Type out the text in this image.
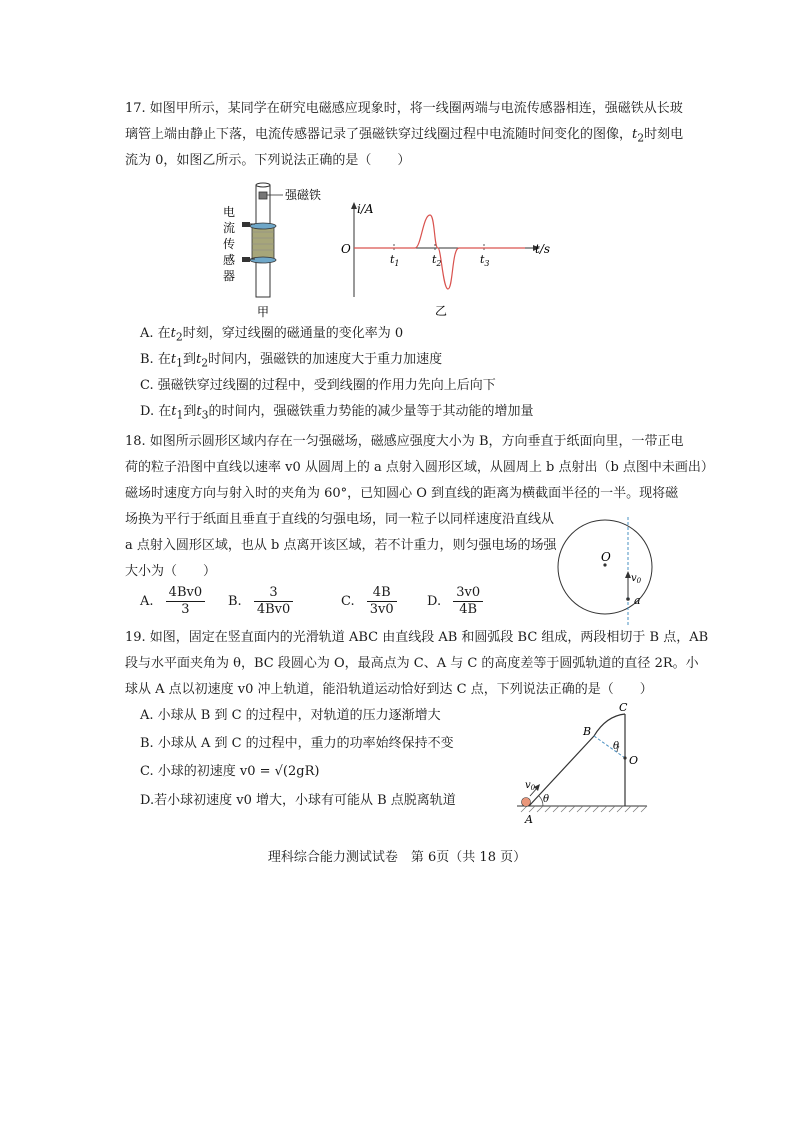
17. 如图甲所示，某同学在研究电磁感应现象时，将一线圈两端与电流传感器相连，强磁铁从长玻
璃管上端由静止下落，电流传感器记录了强磁铁穿过线圈过程中电流随时间变化的图像，$t_2$时刻电
流为 0，如图乙所示。下列说法正确的是（　　）
强磁铁
电
流
传
感
器
甲
i/A
t/s
O
$t_1$	$t_2$	$t_3$
乙
A. 在$t_2$时刻，穿过线圈的磁通量的变化率为 0
B. 在$t_1$到$t_2$时间内，强磁铁的加速度大于重力加速度
C. 强磁铁穿过线圈的过程中，受到线圈的作用力先向上后向下
D. 在$t_1$到$t_3$的时间内，强磁铁重力势能的减少量等于其动能的增加量
18. 如图所示圆形区域内存在一匀强磁场，磁感应强度大小为 B，方向垂直于纸面向里，一带正电
荷的粒子沿图中直线以速率 v0 从圆周上的 a 点射入圆形区域，从圆周上 b 点射出（b 点图中未画出）
磁场时速度方向与射入时的夹角为 60°，已知圆心 O 到直线的距离为横截面半径的一半。现将磁
场换为平行于纸面且垂直于直线的匀强电场，同一粒子以同样速度沿直线从
a 点射入圆形区域，也从 b 点离开该区域，若不计重力，则匀强电场的场强
大小为（　　）
A. $\frac{4Bv0}{3} B$. $\frac{3}{4Bv0}$	C. $\frac{4B}{3v0} D$. $\frac{3v0}{4B}$
O
$v_0$
a
19. 如图，固定在竖直面内的光滑轨道 ABC 由直线段 AB 和圆弧段 BC 组成，两段相切于 B 点，AB
段与水平面夹角为 θ，BC 段圆心为 O，最高点为 C、A 与 C 的高度差等于圆弧轨道的直径 2R。小
球从 A 点以初速度 v0 冲上轨道，能沿轨道运动恰好到达 C 点，下列说法正确的是（　　）
A. 小球从 B 到 C 的过程中，对轨道的压力逐渐增大
B. 小球从 A 到 C 的过程中，重力的功率始终保持不变
C. 小球的初速度 v0 = √(2gR)
D.若小球初速度 v0 增大，小球有可能从 B 点脱离轨道
A
B
C
O
θ
θ
$v_0$
理科综合能力测试试卷　第 6页（共 18 页）
